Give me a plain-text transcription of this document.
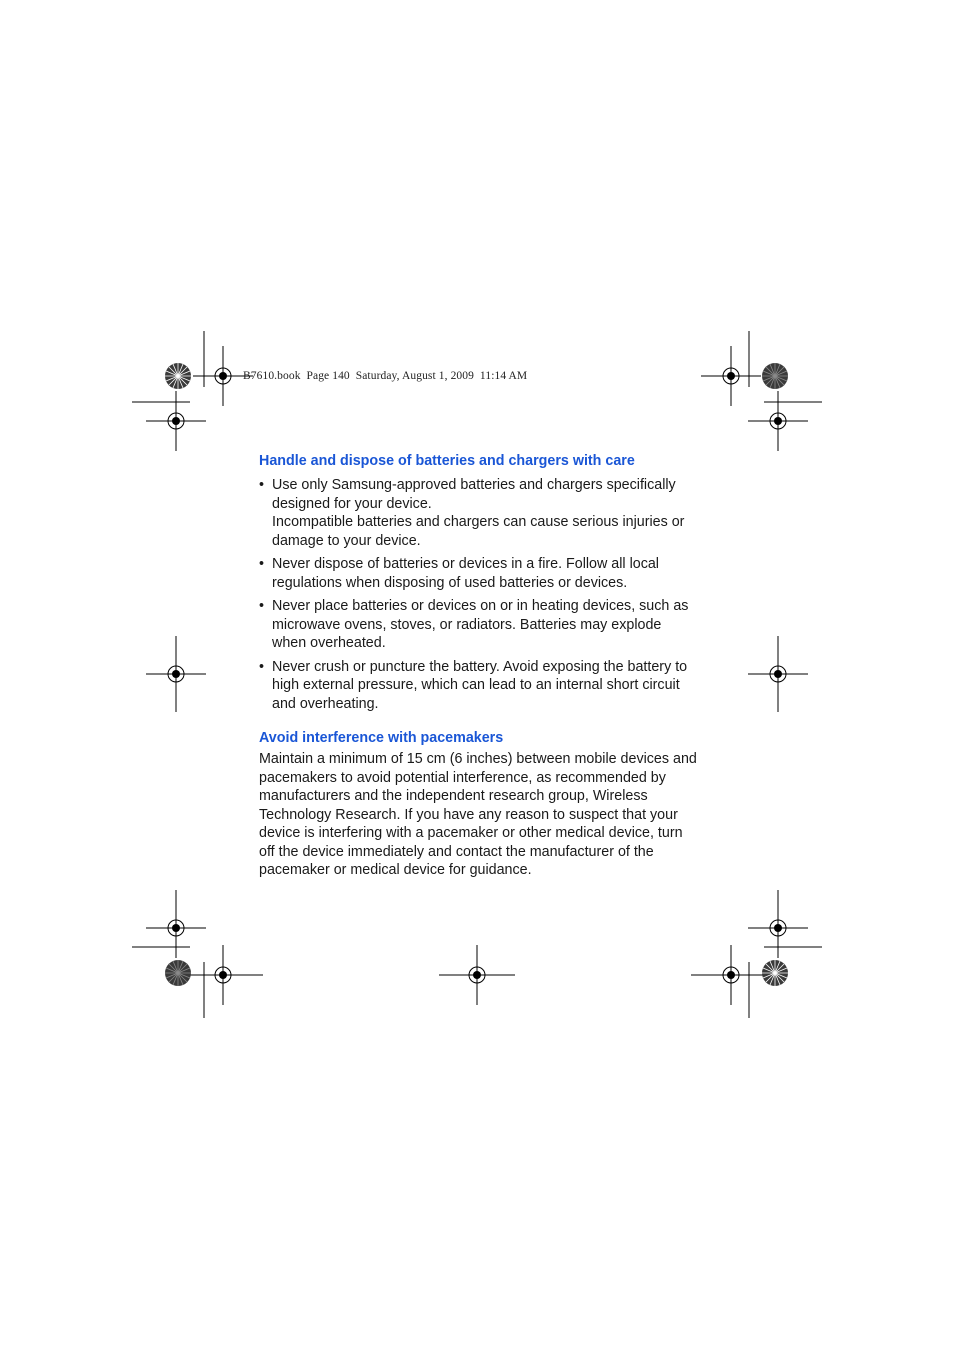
B7610.book  Page 140  Saturday, August 1, 2009  11:14 AM
Handle and dispose of batteries and chargers with care
• Use only Samsung-approved batteries and chargers specifically designed for your device.
Incompatible batteries and chargers can cause serious injuries or damage to your device.
• Never dispose of batteries or devices in a fire. Follow all local regulations when disposing of used batteries or devices.
• Never place batteries or devices on or in heating devices, such as microwave ovens, stoves, or radiators. Batteries may explode when overheated.
• Never crush or puncture the battery. Avoid exposing the battery to high external pressure, which can lead to an internal short circuit and overheating.
Avoid interference with pacemakers

Maintain a minimum of 15 cm (6 inches) between mobile devices and pacemakers to avoid potential interference, as recommended by manufacturers and the independent research group, Wireless Technology Research. If you have any reason to suspect that your device is interfering with a pacemaker or other medical device, turn off the device immediately and contact the manufacturer of the pacemaker or medical device for guidance.
